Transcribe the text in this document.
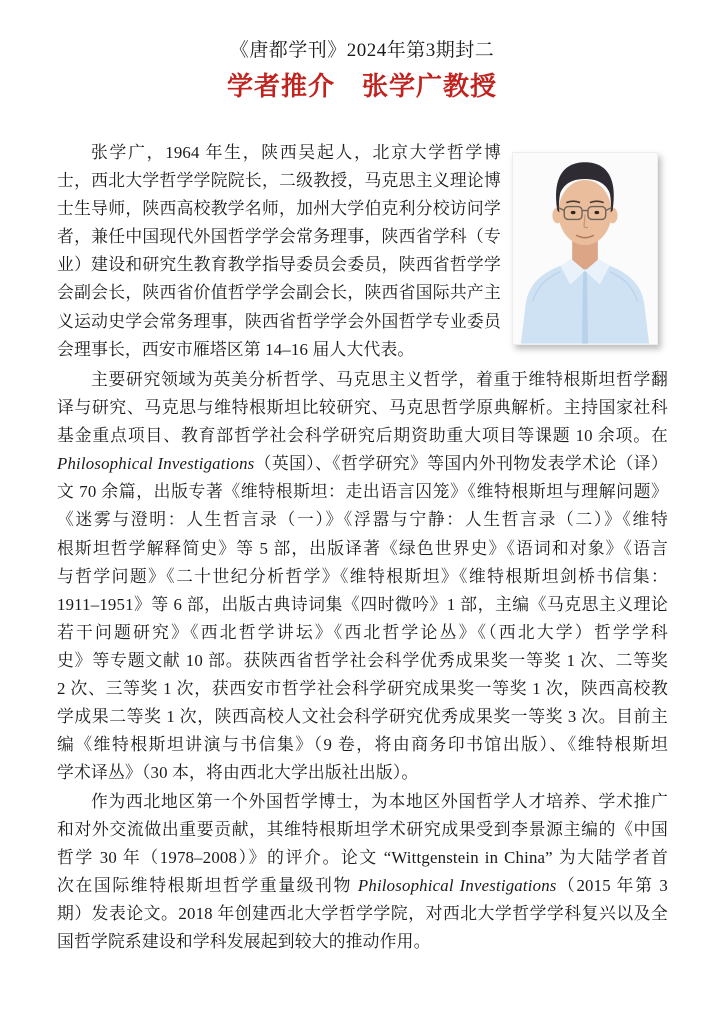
《唐都学刊》2024年第3期封二
学者推介　张学广教授
张学广，1964 年生，陕西吴起人，北京大学哲学博
士，西北大学哲学学院院长，二级教授，马克思主义理论博
士生导师，陕西高校教学名师，加州大学伯克利分校访问学
者，兼任中国现代外国哲学学会常务理事，陕西省学科（专
业）建设和研究生教育教学指导委员会委员，陕西省哲学学
会副会长，陕西省价值哲学学会副会长，陕西省国际共产主
义运动史学会常务理事，陕西省哲学学会外国哲学专业委员
会理事长，西安市雁塔区第 14–16 届人大代表。
主要研究领域为英美分析哲学、马克思主义哲学，着重于维特根斯坦哲学翻
译与研究、马克思与维特根斯坦比较研究、马克思哲学原典解析。主持国家社科
基金重点项目、教育部哲学社会科学研究后期资助重大项目等课题 10 余项。在
Philosophical Investigations（英国）、《哲学研究》等国内外刊物发表学术论（译）
文 70 余篇，出版专著《维特根斯坦：走出语言囚笼》《维特根斯坦与理解问题》
《迷雾与澄明：人生哲言录（一）》《浮嚣与宁静：人生哲言录（二）》《维特
根斯坦哲学解释简史》等 5 部，出版译著《绿色世界史》《语词和对象》《语言
与哲学问题》《二十世纪分析哲学》《维特根斯坦》《维特根斯坦剑桥书信集：
1911–1951》等 6 部，出版古典诗词集《四时微吟》1 部，主编《马克思主义理论
若干问题研究》《西北哲学讲坛》《西北哲学论丛》《（西北大学）哲学学科
史》等专题文献 10 部。获陕西省哲学社会科学优秀成果奖一等奖 1 次、二等奖
2 次、三等奖 1 次，获西安市哲学社会科学研究成果奖一等奖 1 次，陕西高校教
学成果二等奖 1 次，陕西高校人文社会科学研究优秀成果奖一等奖 3 次。目前主
编《维特根斯坦讲演与书信集》（9 卷，将由商务印书馆出版）、《维特根斯坦
学术译丛》（30 本，将由西北大学出版社出版）。
作为西北地区第一个外国哲学博士，为本地区外国哲学人才培养、学术推广
和对外交流做出重要贡献，其维特根斯坦学术研究成果受到李景源主编的《中国
哲学 30 年（1978–2008）》的评介。论文 “Wittgenstein in China” 为大陆学者首
次在国际维特根斯坦哲学重量级刊物 Philosophical Investigations（2015 年第 3
期）发表论文。2018 年创建西北大学哲学学院，对西北大学哲学学科复兴以及全
国哲学院系建设和学科发展起到较大的推动作用。
